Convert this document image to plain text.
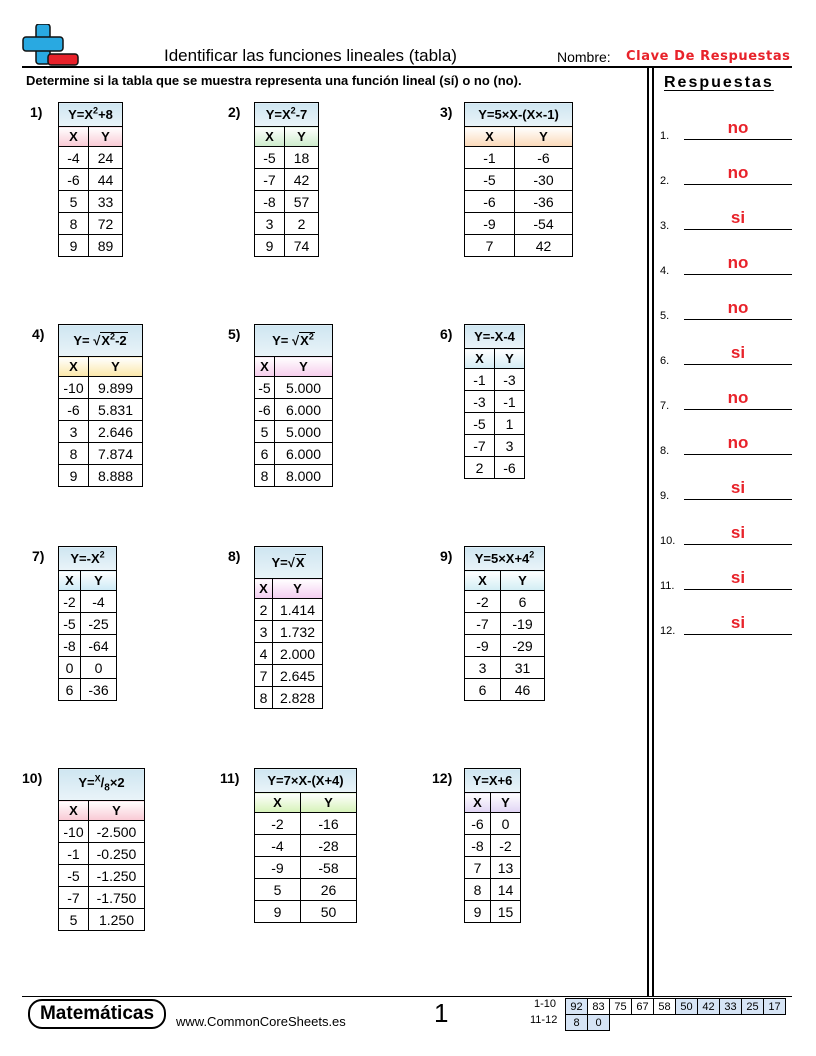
Identificar las funciones lineales (tabla)	Nombre: Clave De Respuestas
Determine si la tabla que se muestra representa una función lineal (sí) o no (no).	Respuestas
1.	no
2.	no
3.	si
4.	no
5.	no
6.	si
7.	no
8.	no
9.	si
10.	si
11.	si
12.	si
1) $Y=X^2+8$	
X	Y
-4	24
-6	44
5	33
8	72
9	89
2) $Y=X^2-7$	
X	Y
-5	18
-7	42
-8	57
3	2
9	74
3) Y=5×X-(X×-1)	
X	Y
-1	-6
-5	-30
-6	-36
-9	-54
7	42
4) $Y= √X^2-2$	
X	Y
-10	9.899
-6	5.831
3	2.646
8	7.874
9	8.888
5) $Y= √X^2$
X	Y
-5	5.000
-6	6.000
5	5.000
6	6.000
8	8.000
6) Y=-X-4	
X	Y
-1	-3
-3	-1
-5	1
-7	3
2	-6
7) $Y=-X^2$
X	Y
-2	-4
-5	-25
-8	-64
0	0
6	-36
8) Y=√X	
X	Y
2	1.414
3	1.732
4	2.000
7	2.645
8	2.828
9) $Y=5\times X+4^2$
X	Y
-2	6
-7	-19
-9	-29
3	31
6	46
10)	$Y=^X/_8\times 2$	
X	Y
-10	-2.500
-1	-0.250
-5	-1.250
-7	-1.750
5	1.250
11) Y=7×X-(X+4)	
X	Y
-2	-16
-4	-28
-9	-58
5	26
9	50
12) Y=X+6	
X	Y
-6	0
-8	-2
7	13
8	14
9	15
Matemáticas	www.CommonCoreSheets.es	1	1-10 92	83	75	67	58	50	42	33	25	17
11-12 8	0
